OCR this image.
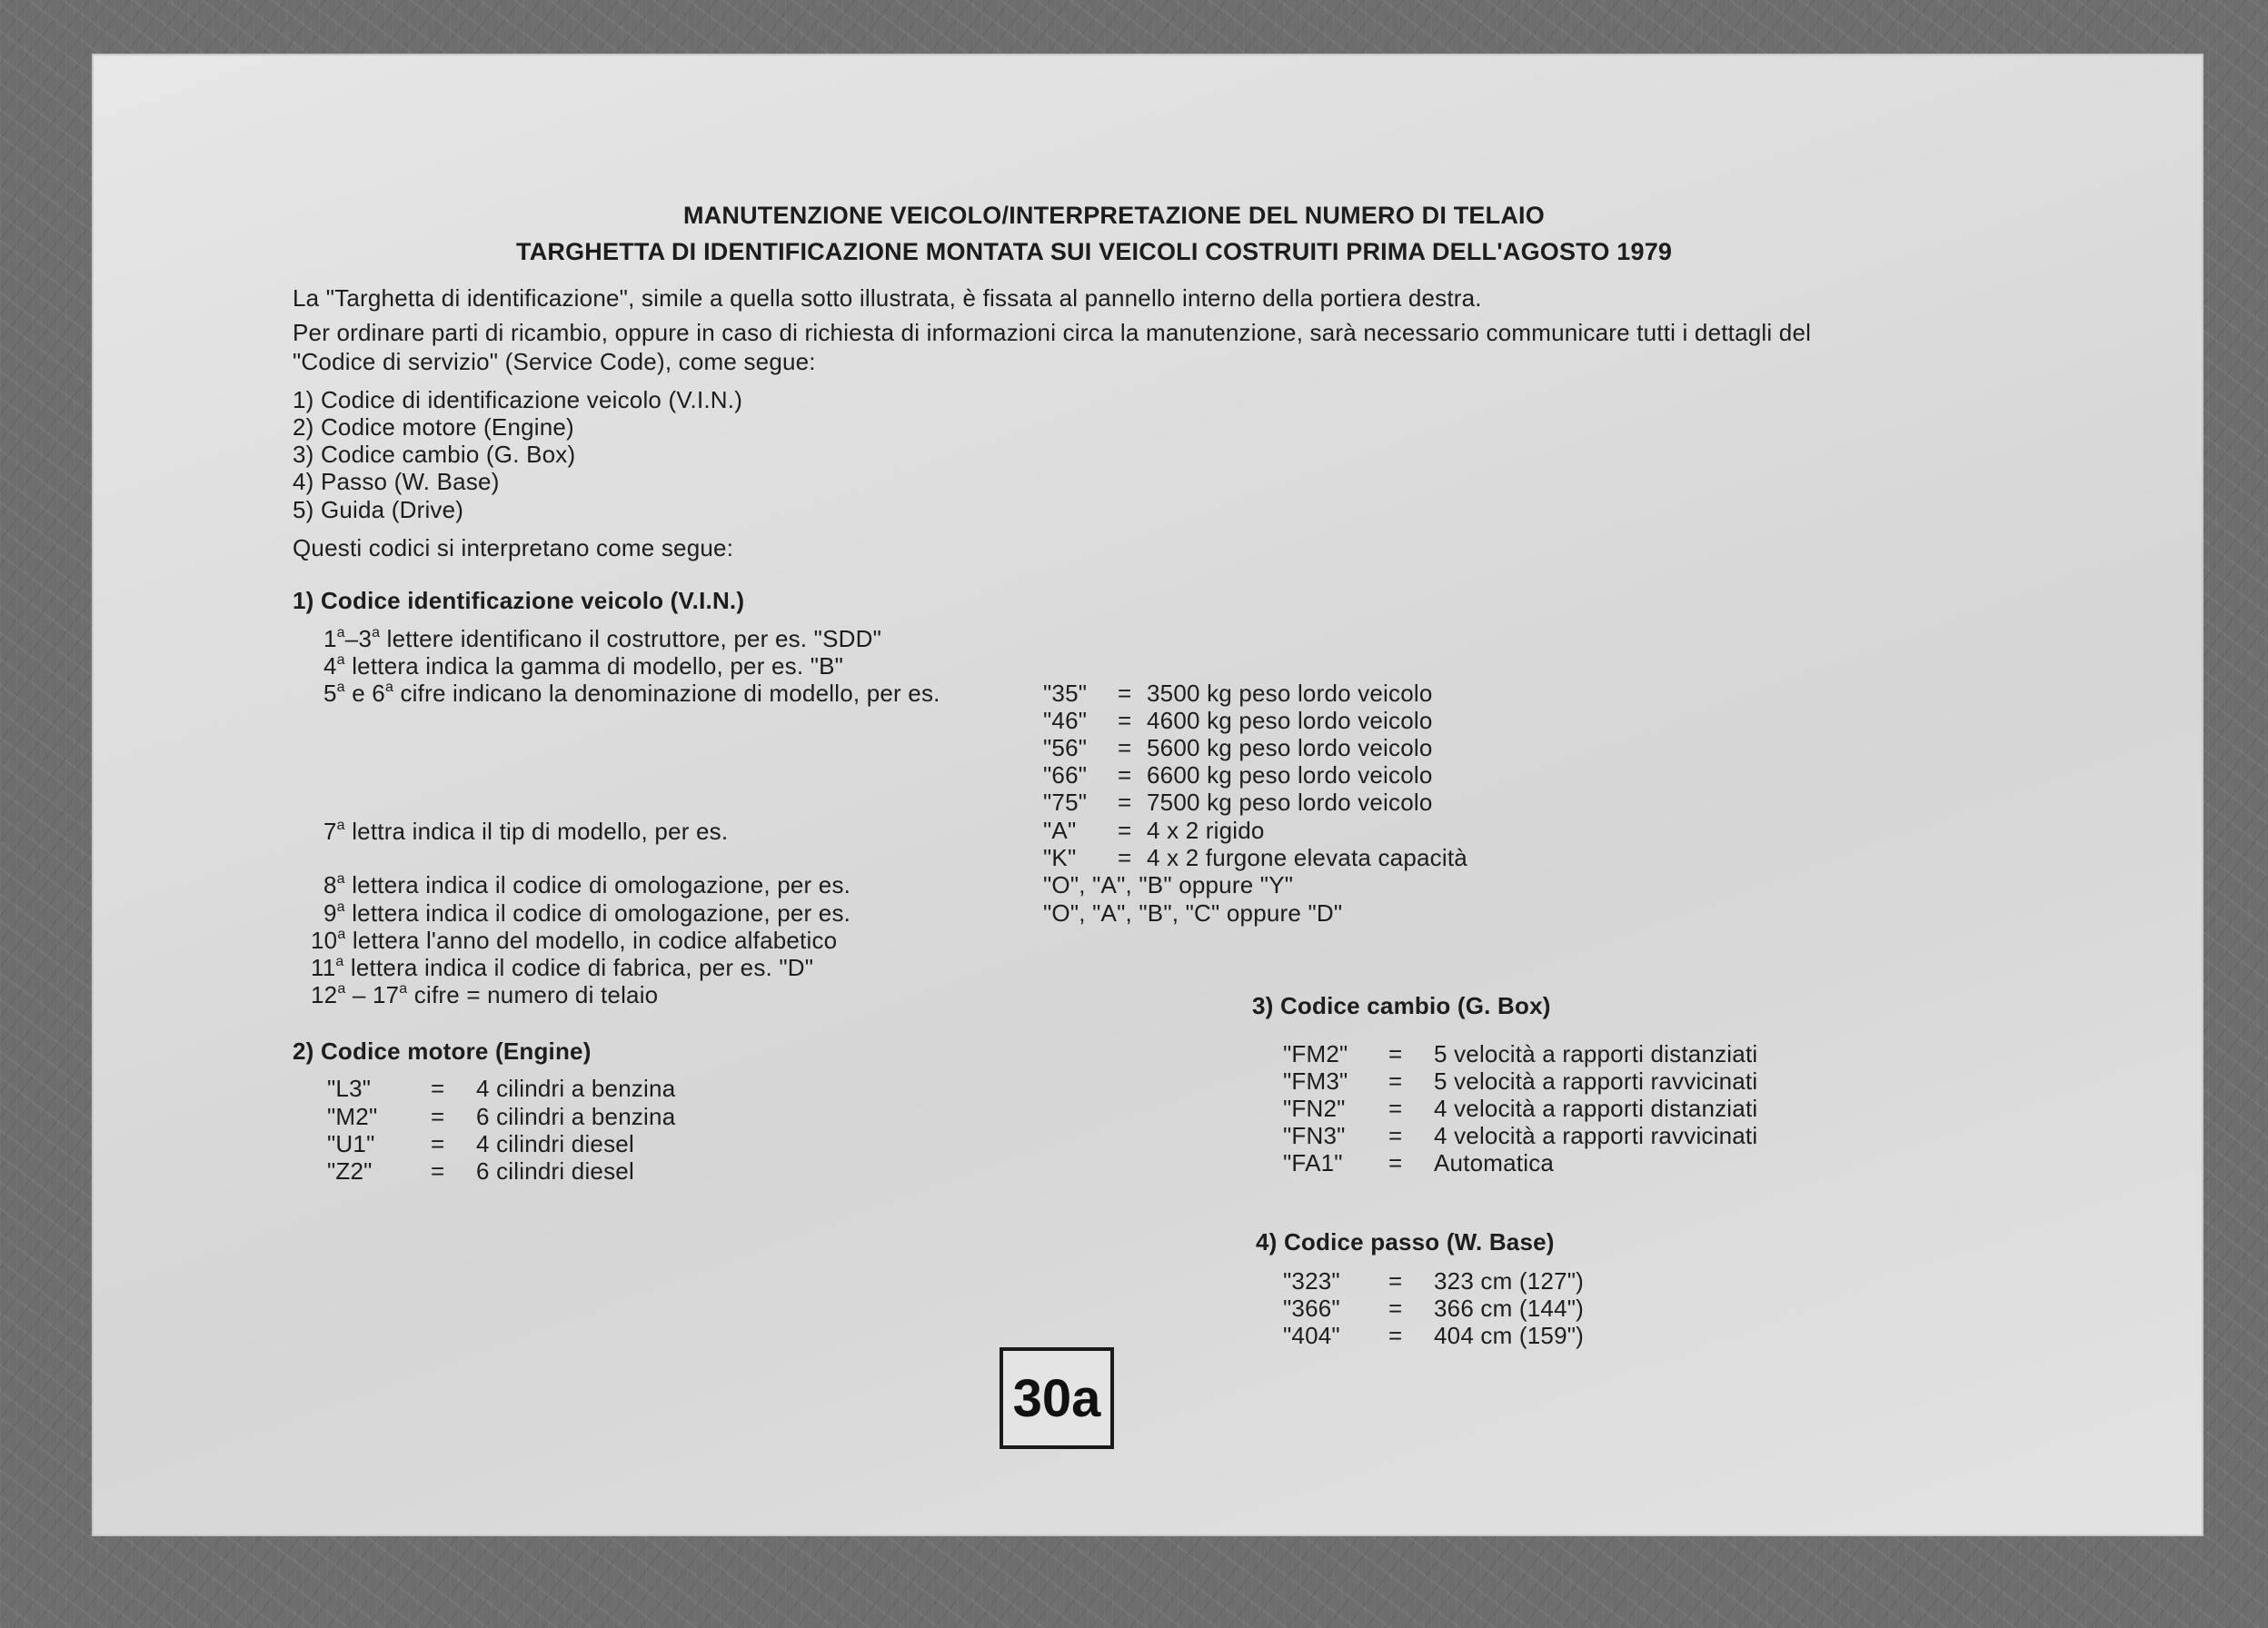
MANUTENZIONE VEICOLO/INTERPRETAZIONE DEL NUMERO DI TELAIO
TARGHETTA DI IDENTIFICAZIONE MONTATA SUI VEICOLI COSTRUITI PRIMA DELL'AGOSTO 1979
La "Targhetta di identificazione", simile a quella sotto illustrata, è fissata al pannello interno della portiera destra.
Per ordinare parti di ricambio, oppure in caso di richiesta di informazioni circa la manutenzione, sarà necessario communicare tutti i dettagli del
"Codice di servizio" (Service Code), come segue:
1) Codice di identificazione veicolo (V.I.N.)
2) Codice motore (Engine)
3) Codice cambio (G. Box)
4) Passo (W. Base)
5) Guida (Drive)
Questi codici si interpretano come segue:
1) Codice identificazione veicolo (V.I.N.)
1$^a$–3$^a$ lettere identificano il costruttore, per es. "SDD"
4$^a$ lettera indica la gamma di modello, per es. "B"
5$^a$ e 6$^a$ cifre indicano la denominazione di modello, per es.
7$^a$ lettra indica il tip di modello, per es.
8$^a$ lettera indica il codice di omologazione, per es.
9$^a$ lettera indica il codice di omologazione, per es.
10$^a$ lettera l'anno del modello, in codice alfabetico
11$^a$ lettera indica il codice di fabrica, per es. "D"
12$^a$ – 17$^a$ cifre = numero di telaio
"35" = 3500 kg peso lordo veicolo
"46" = 4600 kg peso lordo veicolo
"56" = 5600 kg peso lordo veicolo
"66" = 6600 kg peso lordo veicolo
"75" = 7500 kg peso lordo veicolo
"A" = 4 x 2 rigido
"K" = 4 x 2 furgone elevata capacità
"O", "A", "B" oppure "Y"
"O", "A", "B", "C" oppure "D"
2) Codice motore (Engine)
"L3"	= 4 cilindri a benzina
"M2" = 6 cilindri a benzina
"U1" = 4 cilindri diesel
"Z2" = 6 cilindri diesel
3) Codice cambio (G. Box)
"FM2" = 5 velocità a rapporti distanziati
"FM3" = 5 velocità a rapporti ravvicinati
"FN2" = 4 velocità a rapporti distanziati
"FN3" = 4 velocità a rapporti ravvicinati
"FA1" = Automatica
4) Codice passo (W. Base)
"323" = 323 cm (127")
"366" = 366 cm (144")
"404" = 404 cm (159")
30a
